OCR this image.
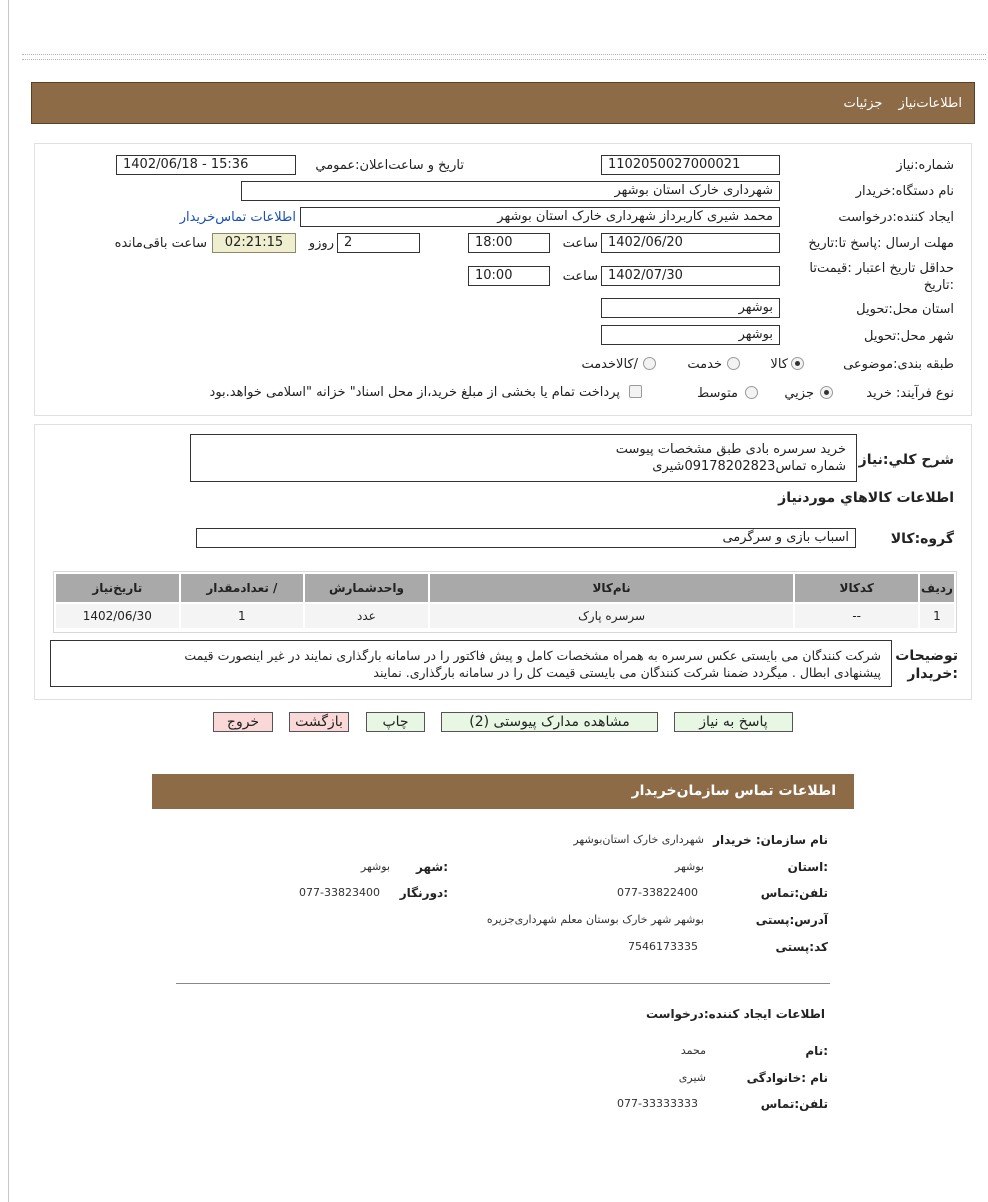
اطلاعات‌نیاز جزئيات
شماره:نیاز
1102050027000021
تاريخ و ساعت‌اعلان:عمومي
1402/06/18 - 15:36
نام دستگاه:خریدار
شهرداری خارک استان بوشهر
ایجاد کننده:درخواست
محمد شیری کاربرداز شهرداری خارک استان بوشهر
اطلاعات تماس‌خریدار
مهلت ارسال :پاسخ تا:تاریخ
1402/06/20
ساعت
18:00
2
روزو
02:21:15
ساعت باقی‌مانده
حداقل تاريخ اعتبار :قیمت‌تا :تاریخ
1402/07/30
ساعت
10:00
استان محل:تحویل
بوشهر
شهر محل:تحویل
بوشهر
طبقه بندی:موضوعی
کالا
خدمت
/کالاخدمت
نوع فرآیند: خرید
جزيي
متوسط
پرداخت تمام یا بخشی از مبلغ خرید،از محل اسناد" خزانه "اسلامی خواهد.بود
شرح کلي:نیاز
خرید سرسره بادی طبق مشخصات پیوست
شماره تماس09178202823شیری
اطلاعات کالاهاي مورد‌نیاز
گروه:کالا
اسباب بازی و سرگرمی
رديف	کدکالا	نام‌کالا	واحدشمارش	/ تعدادمقدار	تاریخ‌نیاز
1	--	سرسره پارک	عدد	1	1402/06/30
توضیحات
:خریدار
شرکت کنندگان می بایستی عکس سرسره به همراه مشخصات کامل و پیش فاکتور را در سامانه بارگذاری نمایند در غیر اینصورت قیمت
پیشنهادی ابطال . میگردد ضمنا شرکت کنندگان می بایستی قیمت کل را در سامانه بارگذاری. نمایند
پاسخ به نیاز
مشاهده مدارک پیوستی (2)
چاپ
بازگشت
خروج
اطلاعات تماس سازمان‌خریدار
نام سازمان: خریدار
شهرداری خارک استان‌بوشهر
:استان
بوشهر
:شهر
بوشهر
تلفن:تماس
077-33822400
:دورنگار
077-33823400
آدرس:پستی
بوشهر شهر خارک بوستان معلم شهرداری‌جزیره
کد:پستی
7546173335
اطلاعات ایجاد کننده:درخواست
:نام
محمد
نام :خانوادگی
شیری
تلفن:تماس
077-33333333
